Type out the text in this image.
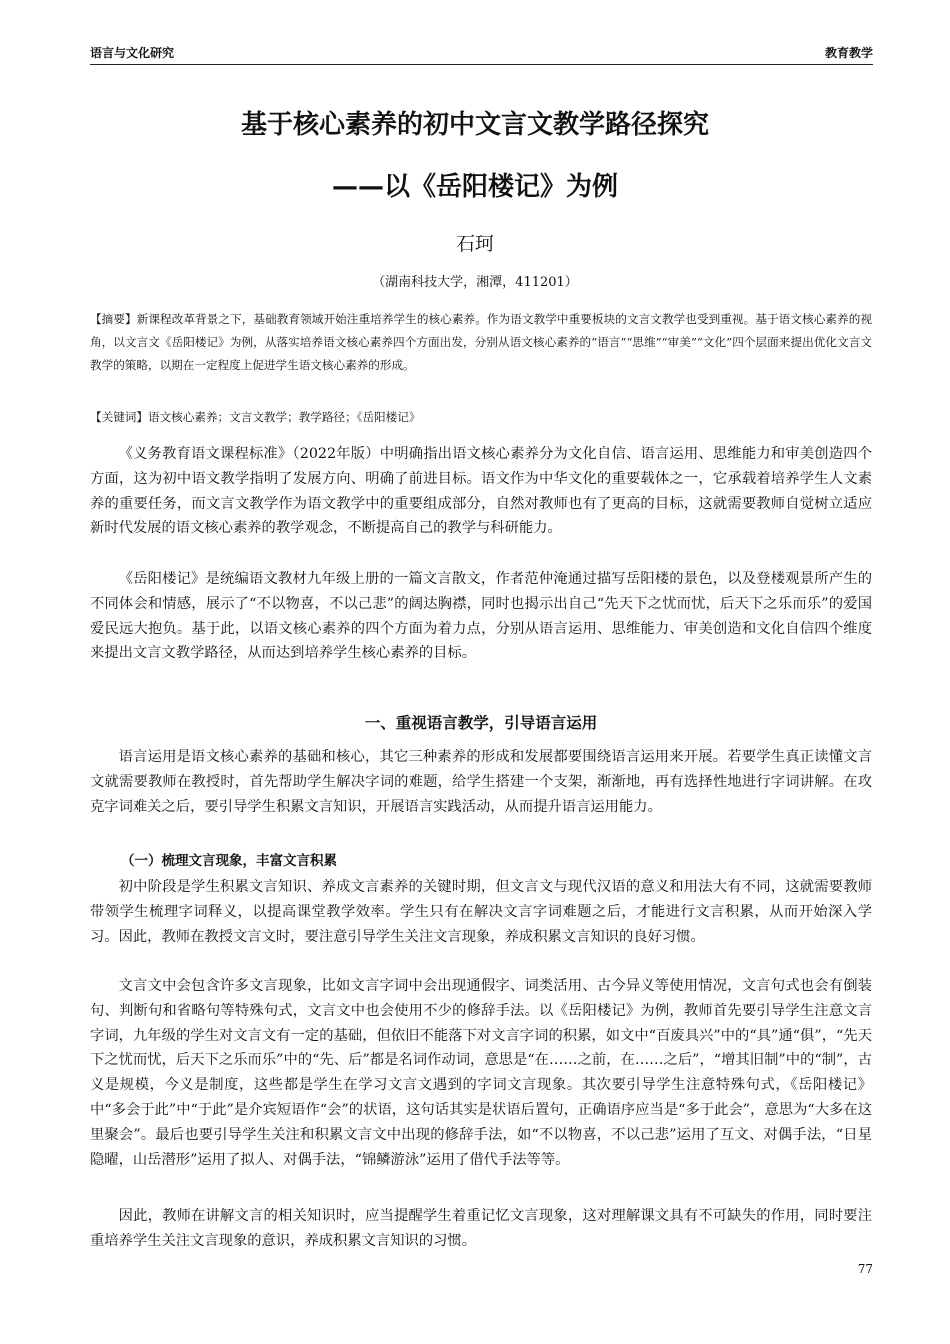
语言与文化研究	教育教学
基于核心素养的初中文言文教学路径探究
——以《岳阳楼记》为例
石珂
（湖南科技大学，湘潭，411201）

【摘要】新课程改革背景之下，基础教育领域开始注重培养学生的核心素养。作为语文教学中重要板块的文言文教学也受到重视。基于语文核心素养的视角，以文言文《岳阳楼记》为例，从落实培养语文核心素养四个方面出发，分别从语文核心素养的“语言”“思维”“审美”“文化”四个层面来提出优化文言文教学的策略，以期在一定程度上促进学生语文核心素养的形成。

【关键词】语文核心素养；文言文教学；教学路径；《岳阳楼记》

《义务教育语文课程标准》（2022年版）中明确指出语文核心素养分为文化自信、语言运用、思维能力和审美创造四个方面，这为初中语文教学指明了发展方向、明确了前进目标。语文作为中华文化的重要载体之一，它承载着培养学生人文素养的重要任务，而文言文教学作为语文教学中的重要组成部分，自然对教师也有了更高的目标，这就需要教师自觉树立适应新时代发展的语文核心素养的教学观念，不断提高自己的教学与科研能力。

《岳阳楼记》是统编语文教材九年级上册的一篇文言散文，作者范仲淹通过描写岳阳楼的景色，以及登楼观景所产生的不同体会和情感，展示了“不以物喜，不以己悲”的阔达胸襟，同时也揭示出自己“先天下之忧而忧，后天下之乐而乐”的爱国爱民远大抱负。基于此，以语文核心素养的四个方面为着力点，分别从语言运用、思维能力、审美创造和文化自信四个维度来提出文言文教学路径，从而达到培养学生核心素养的目标。

一、重视语言教学，引导语言运用

语言运用是语文核心素养的基础和核心，其它三种素养的形成和发展都要围绕语言运用来开展。若要学生真正读懂文言文就需要教师在教授时，首先帮助学生解决字词的难题，给学生搭建一个支架，渐渐地，再有选择性地进行字词讲解。在攻克字词难关之后，要引导学生积累文言知识，开展语言实践活动，从而提升语言运用能力。

（一）梳理文言现象，丰富文言积累

初中阶段是学生积累文言知识、养成文言素养的关键时期，但文言文与现代汉语的意义和用法大有不同，这就需要教师带领学生梳理字词释义，以提高课堂教学效率。学生只有在解决文言字词难题之后，才能进行文言积累，从而开始深入学习。因此，教师在教授文言文时，要注意引导学生关注文言现象，养成积累文言知识的良好习惯。

文言文中会包含许多文言现象，比如文言字词中会出现通假字、词类活用、古今异义等使用情况，文言句式也会有倒装句、判断句和省略句等特殊句式，文言文中也会使用不少的修辞手法。以《岳阳楼记》为例，教师首先要引导学生注意文言字词，九年级的学生对文言文有一定的基础，但依旧不能落下对文言字词的积累，如文中“百废具兴”中的“具”通“俱”，“先天下之忧而忧，后天下之乐而乐”中的“先、后”都是名词作动词，意思是“在……之前，在……之后”，“增其旧制”中的“制”，古义是规模，今义是制度，这些都是学生在学习文言文遇到的字词文言现象。其次要引导学生注意特殊句式，《岳阳楼记》中“多会于此”中“于此”是介宾短语作“会”的状语，这句话其实是状语后置句，正确语序应当是“多于此会”，意思为“大多在这里聚会”。最后也要引导学生关注和积累文言文中出现的修辞手法，如“不以物喜，不以己悲”运用了互文、对偶手法，“日星隐曜，山岳潜形”运用了拟人、对偶手法，“锦鳞游泳”运用了借代手法等等。

因此，教师在讲解文言的相关知识时，应当提醒学生着重记忆文言现象，这对理解课文具有不可缺失的作用，同时要注重培养学生关注文言现象的意识，养成积累文言知识的习惯。

77
